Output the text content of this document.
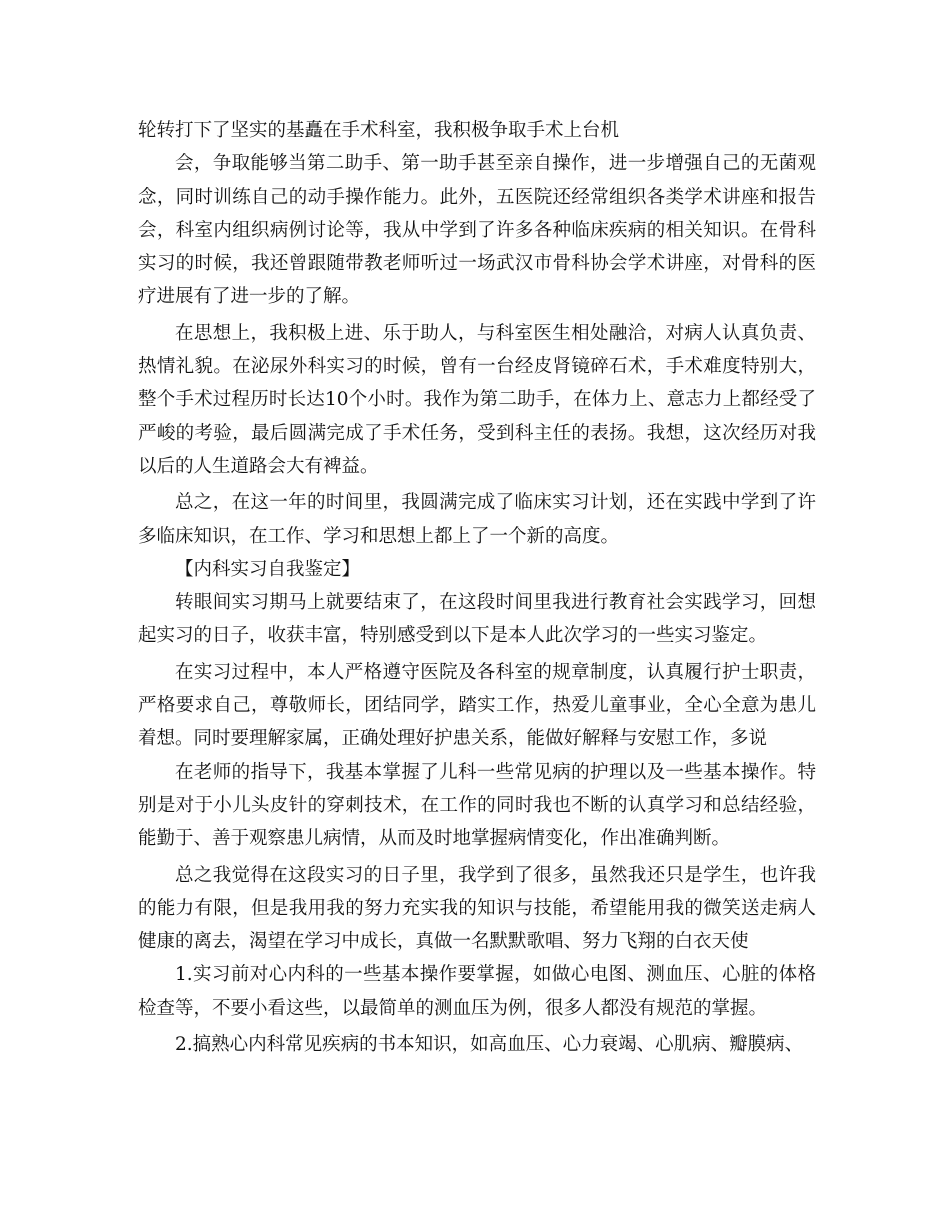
轮转打下了坚实的基矗在手术科室，我积极争取手术上台机

会，争取能够当第二助手、第一助手甚至亲自操作，进一步增强自己的无菌观念，同时训练自己的动手操作能力。此外，五医院还经常组织各类学术讲座和报告会，科室内组织病例讨论等，我从中学到了许多各种临床疾病的相关知识。在骨科实习的时候，我还曾跟随带教老师听过一场武汉市骨科协会学术讲座，对骨科的医疗进展有了进一步的了解。

在思想上，我积极上进、乐于助人，与科室医生相处融洽，对病人认真负责、热情礼貌。在泌尿外科实习的时候，曾有一台经皮肾镜碎石术，手术难度特别大，整个手术过程历时长达10个小时。我作为第二助手，在体力上、意志力上都经受了严峻的考验，最后圆满完成了手术任务，受到科主任的表扬。我想，这次经历对我以后的人生道路会大有裨益。

总之，在这一年的时间里，我圆满完成了临床实习计划，还在实践中学到了许多临床知识，在工作、学习和思想上都上了一个新的高度。

【内科实习自我鉴定】

转眼间实习期马上就要结束了，在这段时间里我进行教育社会实践学习，回想起实习的日子，收获丰富，特别感受到以下是本人此次学习的一些实习鉴定。

在实习过程中，本人严格遵守医院及各科室的规章制度，认真履行护士职责，严格要求自己，尊敬师长，团结同学，踏实工作，热爱儿童事业，全心全意为患儿着想。同时要理解家属，正确处理好护患关系，能做好解释与安慰工作，多说

在老师的指导下，我基本掌握了儿科一些常见病的护理以及一些基本操作。特别是对于小儿头皮针的穿刺技术，在工作的同时我也不断的认真学习和总结经验，能勤于、善于观察患儿病情，从而及时地掌握病情变化，作出准确判断。

总之我觉得在这段实习的日子里，我学到了很多，虽然我还只是学生，也许我的能力有限，但是我用我的努力充实我的知识与技能，希望能用我的微笑送走病人健康的离去，渴望在学习中成长，真做一名默默歌唱、努力飞翔的白衣天使

1.实习前对心内科的一些基本操作要掌握，如做心电图、测血压、心脏的体格检查等，不要小看这些，以最简单的测血压为例，很多人都没有规范的掌握。

2.搞熟心内科常见疾病的书本知识，如高血压、心力衰竭、心肌病、瓣膜病、
